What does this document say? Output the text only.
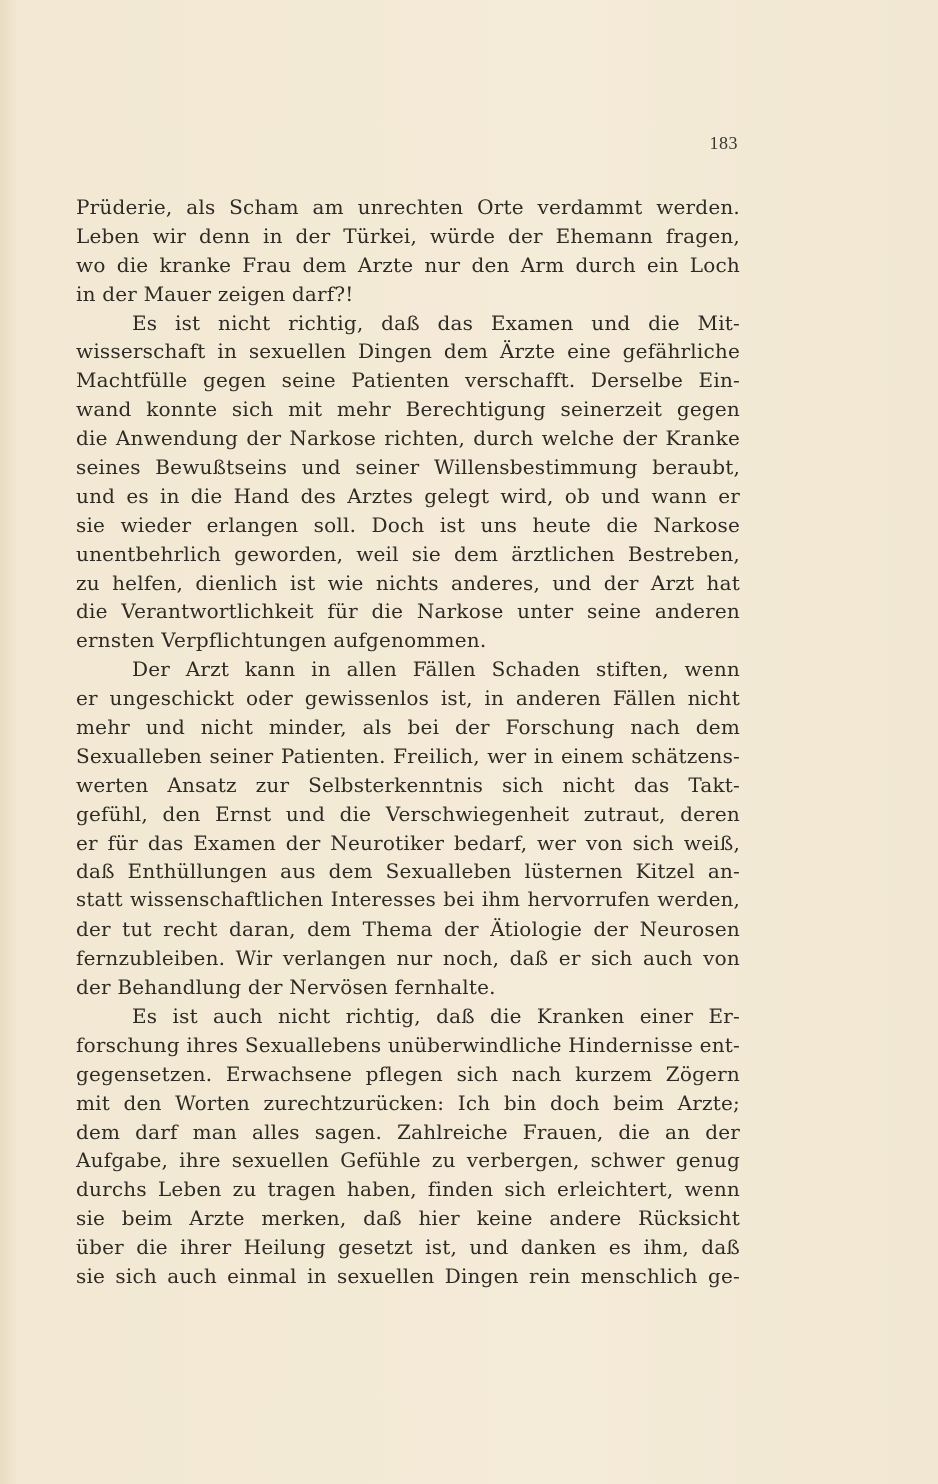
183
Prüderie, als Scham am unrechten Orte verdammt werden.
Leben wir denn in der Türkei, würde der Ehemann fragen,
wo die kranke Frau dem Arzte nur den Arm durch ein Loch
in der Mauer zeigen darf?!
Es ist nicht richtig, daß das Examen und die Mit-
wisserschaft in sexuellen Dingen dem Ärzte eine gefährliche
Machtfülle gegen seine Patienten verschafft. Derselbe Ein-
wand konnte sich mit mehr Berechtigung seinerzeit gegen
die Anwendung der Narkose richten, durch welche der Kranke
seines Bewußtseins und seiner Willensbestimmung beraubt,
und es in die Hand des Arztes gelegt wird, ob und wann er
sie wieder erlangen soll. Doch ist uns heute die Narkose
unentbehrlich geworden, weil sie dem ärztlichen Bestreben,
zu helfen, dienlich ist wie nichts anderes, und der Arzt hat
die Verantwortlichkeit für die Narkose unter seine anderen
ernsten Verpflichtungen aufgenommen.
Der Arzt kann in allen Fällen Schaden stiften, wenn
er ungeschickt oder gewissenlos ist, in anderen Fällen nicht
mehr und nicht minder, als bei der Forschung nach dem
Sexualleben seiner Patienten. Freilich, wer in einem schätzens-
werten Ansatz zur Selbsterkenntnis sich nicht das Takt-
gefühl, den Ernst und die Verschwiegenheit zutraut, deren
er für das Examen der Neurotiker bedarf, wer von sich weiß,
daß Enthüllungen aus dem Sexualleben lüsternen Kitzel an-
statt wissenschaftlichen Interesses bei ihm hervorrufen werden,
der tut recht daran, dem Thema der Ätiologie der Neurosen
fernzubleiben. Wir verlangen nur noch, daß er sich auch von
der Behandlung der Nervösen fernhalte.
Es ist auch nicht richtig, daß die Kranken einer Er-
forschung ihres Sexuallebens unüberwindliche Hindernisse ent-
gegensetzen. Erwachsene pflegen sich nach kurzem Zögern
mit den Worten zurechtzurücken: Ich bin doch beim Arzte;
dem darf man alles sagen. Zahlreiche Frauen, die an der
Aufgabe, ihre sexuellen Gefühle zu verbergen, schwer genug
durchs Leben zu tragen haben, finden sich erleichtert, wenn
sie beim Arzte merken, daß hier keine andere Rücksicht
über die ihrer Heilung gesetzt ist, und danken es ihm, daß
sie sich auch einmal in sexuellen Dingen rein menschlich ge-
